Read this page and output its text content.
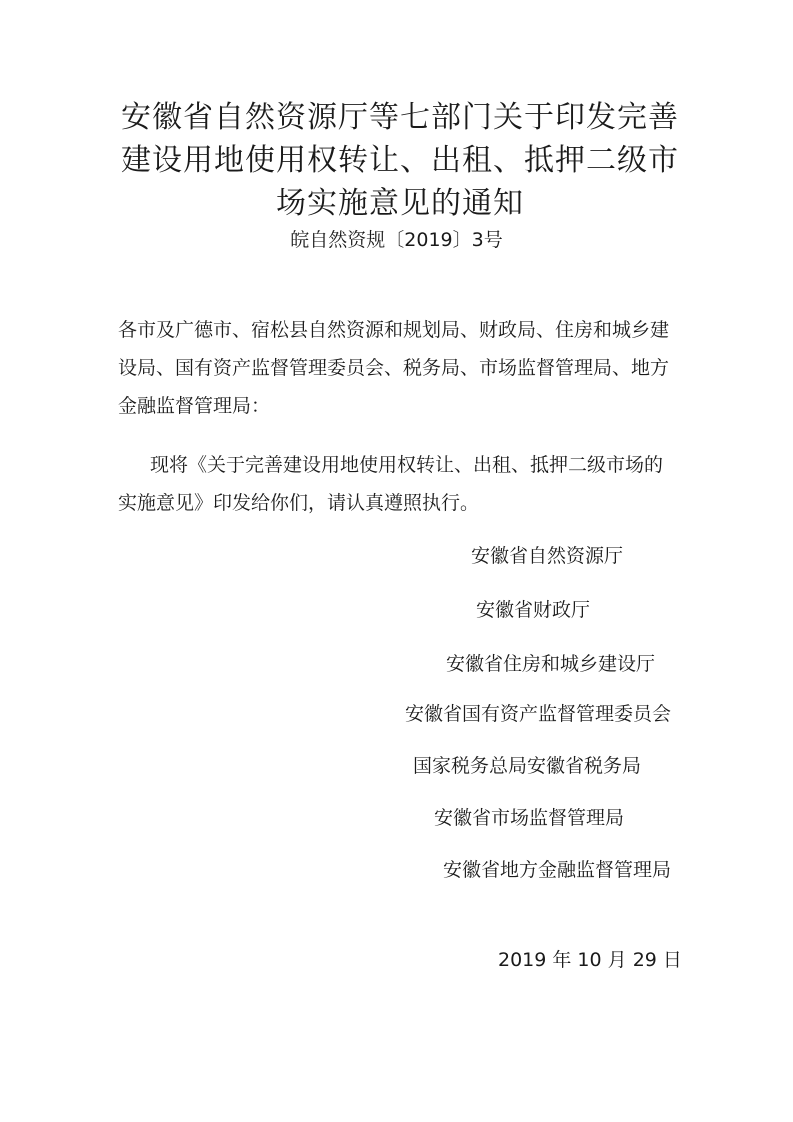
安徽省自然资源厅等七部门关于印发完善
建设用地使用权转让、出租、抵押二级市
场实施意见的通知
皖自然资规〔2019〕3号
各市及广德市、宿松县自然资源和规划局、财政局、住房和城乡建
设局、国有资产监督管理委员会、税务局、市场监督管理局、地方
金融监督管理局：
现将《关于完善建设用地使用权转让、出租、抵押二级市场的
实施意见》印发给你们，请认真遵照执行。
安徽省自然资源厅
安徽省财政厅
安徽省住房和城乡建设厅
安徽省国有资产监督管理委员会
国家税务总局安徽省税务局
安徽省市场监督管理局
安徽省地方金融监督管理局
2019 年 10 月 29 日
